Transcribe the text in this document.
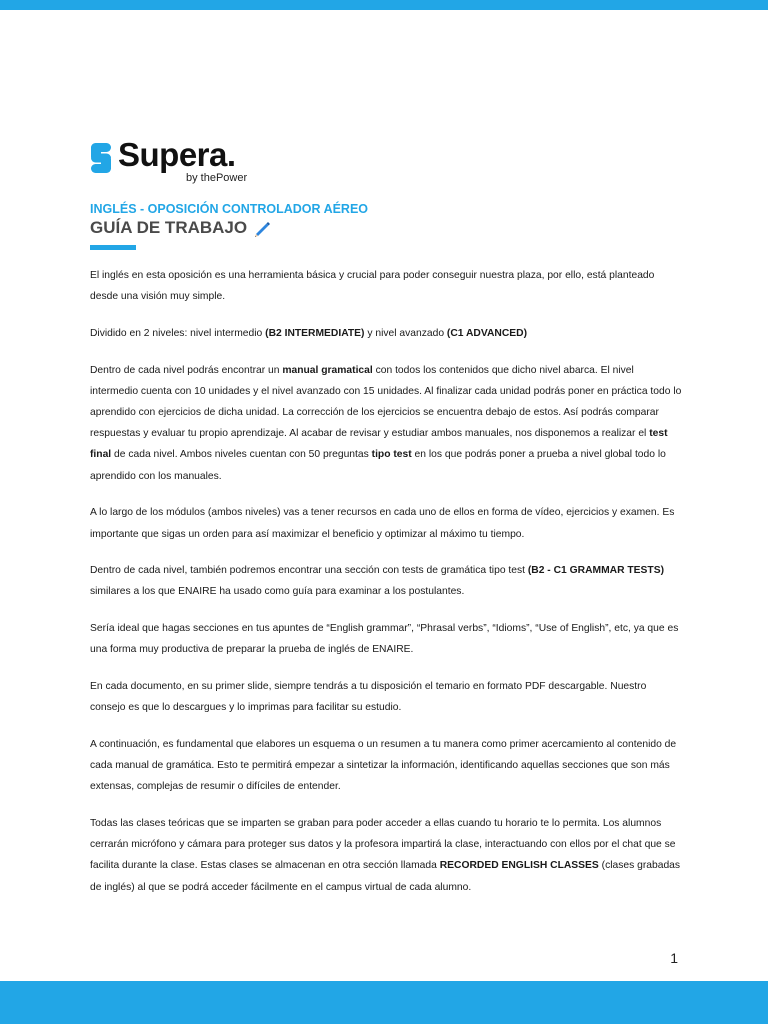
Supera.
by thePower
INGLÉS - OPOSICIÓN CONTROLADOR AÉREO
GUÍA DE TRABAJO

El inglés en esta oposición es una herramienta básica y crucial para poder conseguir nuestra plaza, por ello, está planteado desde una visión muy simple.

Dividido en 2 niveles: nivel intermedio (B2 INTERMEDIATE) y nivel avanzado (C1 ADVANCED)

Dentro de cada nivel podrás encontrar un manual gramatical con todos los contenidos que dicho nivel abarca. El nivel intermedio cuenta con 10 unidades y el nivel avanzado con 15 unidades. Al finalizar cada unidad podrás poner en práctica todo lo aprendido con ejercicios de dicha unidad. La corrección de los ejercicios se encuentra debajo de estos. Así podrás comparar respuestas y evaluar tu propio aprendizaje. Al acabar de revisar y estudiar ambos manuales, nos disponemos a realizar el test final de cada nivel. Ambos niveles cuentan con 50 preguntas tipo test en los que podrás poner a prueba a nivel global todo lo aprendido con los manuales.

A lo largo de los módulos (ambos niveles) vas a tener recursos en cada uno de ellos en forma de vídeo, ejercicios y examen. Es importante que sigas un orden para así maximizar el beneficio y optimizar al máximo tu tiempo.

Dentro de cada nivel, también podremos encontrar una sección con tests de gramática tipo test (B2 - C1 GRAMMAR TESTS) similares a los que ENAIRE ha usado como guía para examinar a los postulantes.

Sería ideal que hagas secciones en tus apuntes de “English grammar”, “Phrasal verbs”, “Idioms”, “Use of English”, etc, ya que es una forma muy productiva de preparar la prueba de inglés de ENAIRE.

En cada documento, en su primer slide, siempre tendrás a tu disposición el temario en formato PDF descargable. Nuestro consejo es que lo descargues y lo imprimas para facilitar su estudio.

A continuación, es fundamental que elabores un esquema o un resumen a tu manera como primer acercamiento al contenido de cada manual de gramática. Esto te permitirá empezar a sintetizar la información, identificando aquellas secciones que son más extensas, complejas de resumir o difíciles de entender.

Todas las clases teóricas que se imparten se graban para poder acceder a ellas cuando tu horario te lo permita. Los alumnos cerrarán micrófono y cámara para proteger sus datos y la profesora impartirá la clase, interactuando con ellos por el chat que se facilita durante la clase. Estas clases se almacenan en otra sección llamada RECORDED ENGLISH CLASSES (clases grabadas de inglés) al que se podrá acceder fácilmente en el campus virtual de cada alumno.

1
